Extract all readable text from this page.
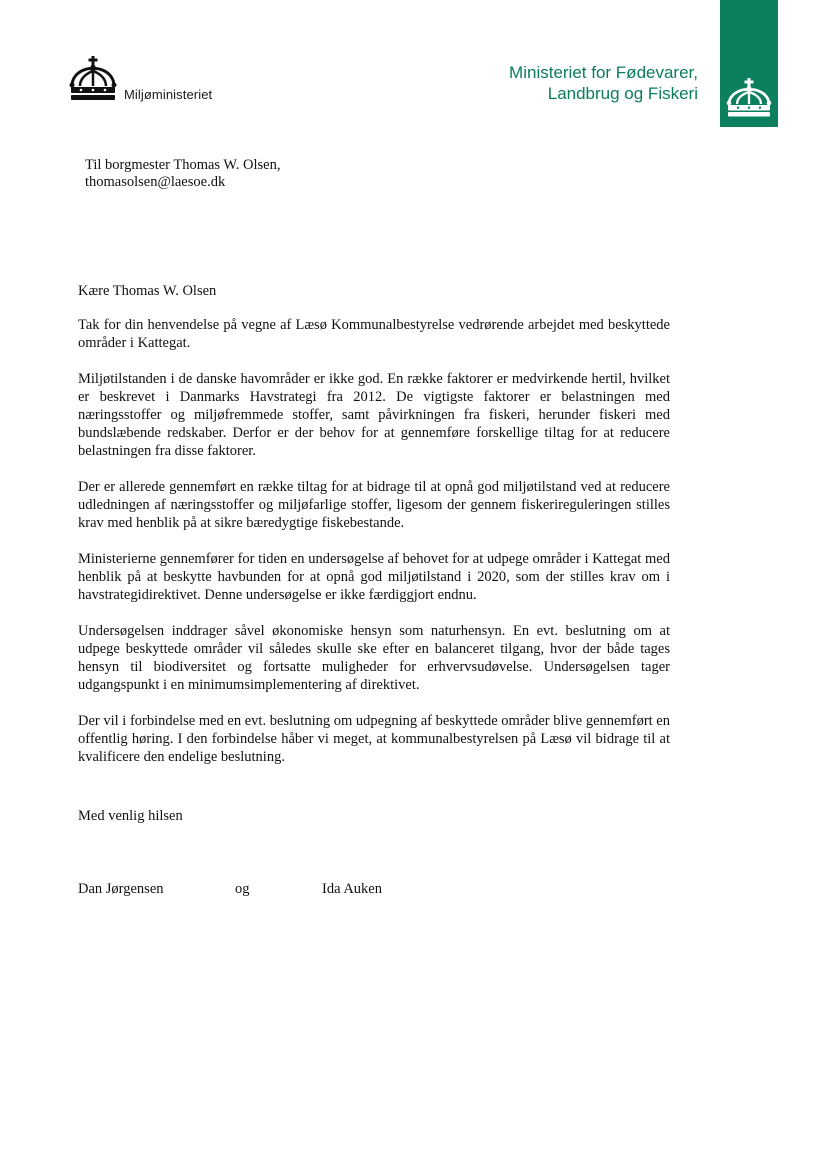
Miljøministeriet
Ministeriet for Fødevarer,
Landbrug og Fiskeri
Til borgmester Thomas W. Olsen,
thomasolsen@laesoe.dk
Kære Thomas W. Olsen

Tak for din henvendelse på vegne af Læsø Kommunalbestyrelse vedrørende arbejdet med beskyttede områder i Kattegat.

Miljøtilstanden i de danske havområder er ikke god. En række faktorer er medvirkende hertil, hvilket er beskrevet i Danmarks Havstrategi fra 2012. De vigtigste faktorer er belastningen med næringsstoffer og miljøfremmede stoffer, samt påvirkningen fra fiskeri, herunder fiskeri med bundslæbende redskaber. Derfor er der behov for at gennemføre forskellige tiltag for at reducere belastningen fra disse faktorer.

Der er allerede gennemført en række tiltag for at bidrage til at opnå god miljøtilstand ved at reducere udledningen af næringsstoffer og miljøfarlige stoffer, ligesom der gennem fiskerireguleringen stilles krav med henblik på at sikre bæredygtige fiskebestande.

Ministerierne gennemfører for tiden en undersøgelse af behovet for at udpege områder i Kattegat med henblik på at beskytte havbunden for at opnå god miljøtilstand i 2020, som der stilles krav om i havstrategidirektivet. Denne undersøgelse er ikke færdiggjort endnu.

Undersøgelsen inddrager såvel økonomiske hensyn som naturhensyn. En evt. beslutning om at udpege beskyttede områder vil således skulle ske efter en balanceret tilgang, hvor der både tages hensyn til biodiversitet og fortsatte muligheder for erhvervsudøvelse. Undersøgelsen tager udgangspunkt i en minimumsimplementering af direktivet.

Der vil i forbindelse med en evt. beslutning om udpegning af beskyttede områder blive gennemført en offentlig høring. I den forbindelse håber vi meget, at kommunalbestyrelsen på Læsø vil bidrage til at kvalificere den endelige beslutning.

Med venlig hilsen
Dan Jørgensen	og	Ida Auken
